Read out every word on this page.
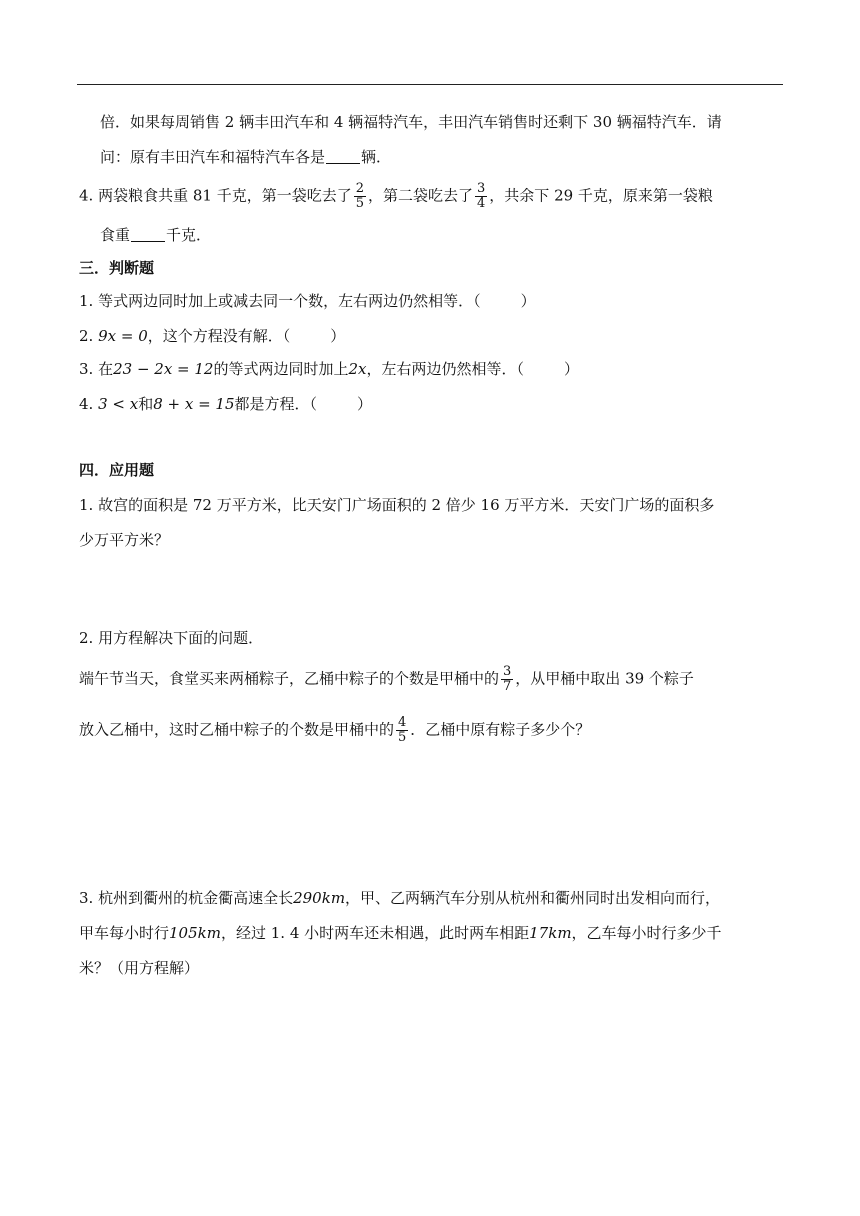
倍．如果每周销售 2 辆丰田汽车和 4 辆福特汽车，丰田汽车销售时还剩下 30 辆福特汽车．请
问：原有丰田汽车和福特汽车各是 辆．
4. 两袋粮食共重 81 千克，第一袋吃去了 $\frac{2}{5}$ ，第二袋吃去了 $\frac{3}{4}$ ，共余下 29 千克，原来第一袋粮
食重 千克．
三．判断题
1. 等式两边同时加上或减去同一个数，左右两边仍然相等．（	）
2. 9x = 0，这个方程没有解．（	）
3. 在23 − 2x = 12的等式两边同时加上2x，左右两边仍然相等．（	）
4. 3 < x和8 + x = 15都是方程．（	）
四．应用题
1. 故宫的面积是 72 万平方米，比天安门广场面积的 2 倍少 16 万平方米．天安门广场的面积多
少万平方米？
2. 用方程解决下面的问题．
端午节当天，食堂买来两桶粽子，乙桶中粽子的个数是甲桶中的 $\frac{3}{7}$ ，从甲桶中取出 39 个粽子
放入乙桶中，这时乙桶中粽子的个数是甲桶中的 $\frac{4}{5}$ ．乙桶中原有粽子多少个？
3. 杭州到衢州的杭金衢高速全长290km，甲、乙两辆汽车分别从杭州和衢州同时出发相向而行，
甲车每小时行105km，经过 1. 4 小时两车还未相遇，此时两车相距17km，乙车每小时行多少千
米？（用方程解）
